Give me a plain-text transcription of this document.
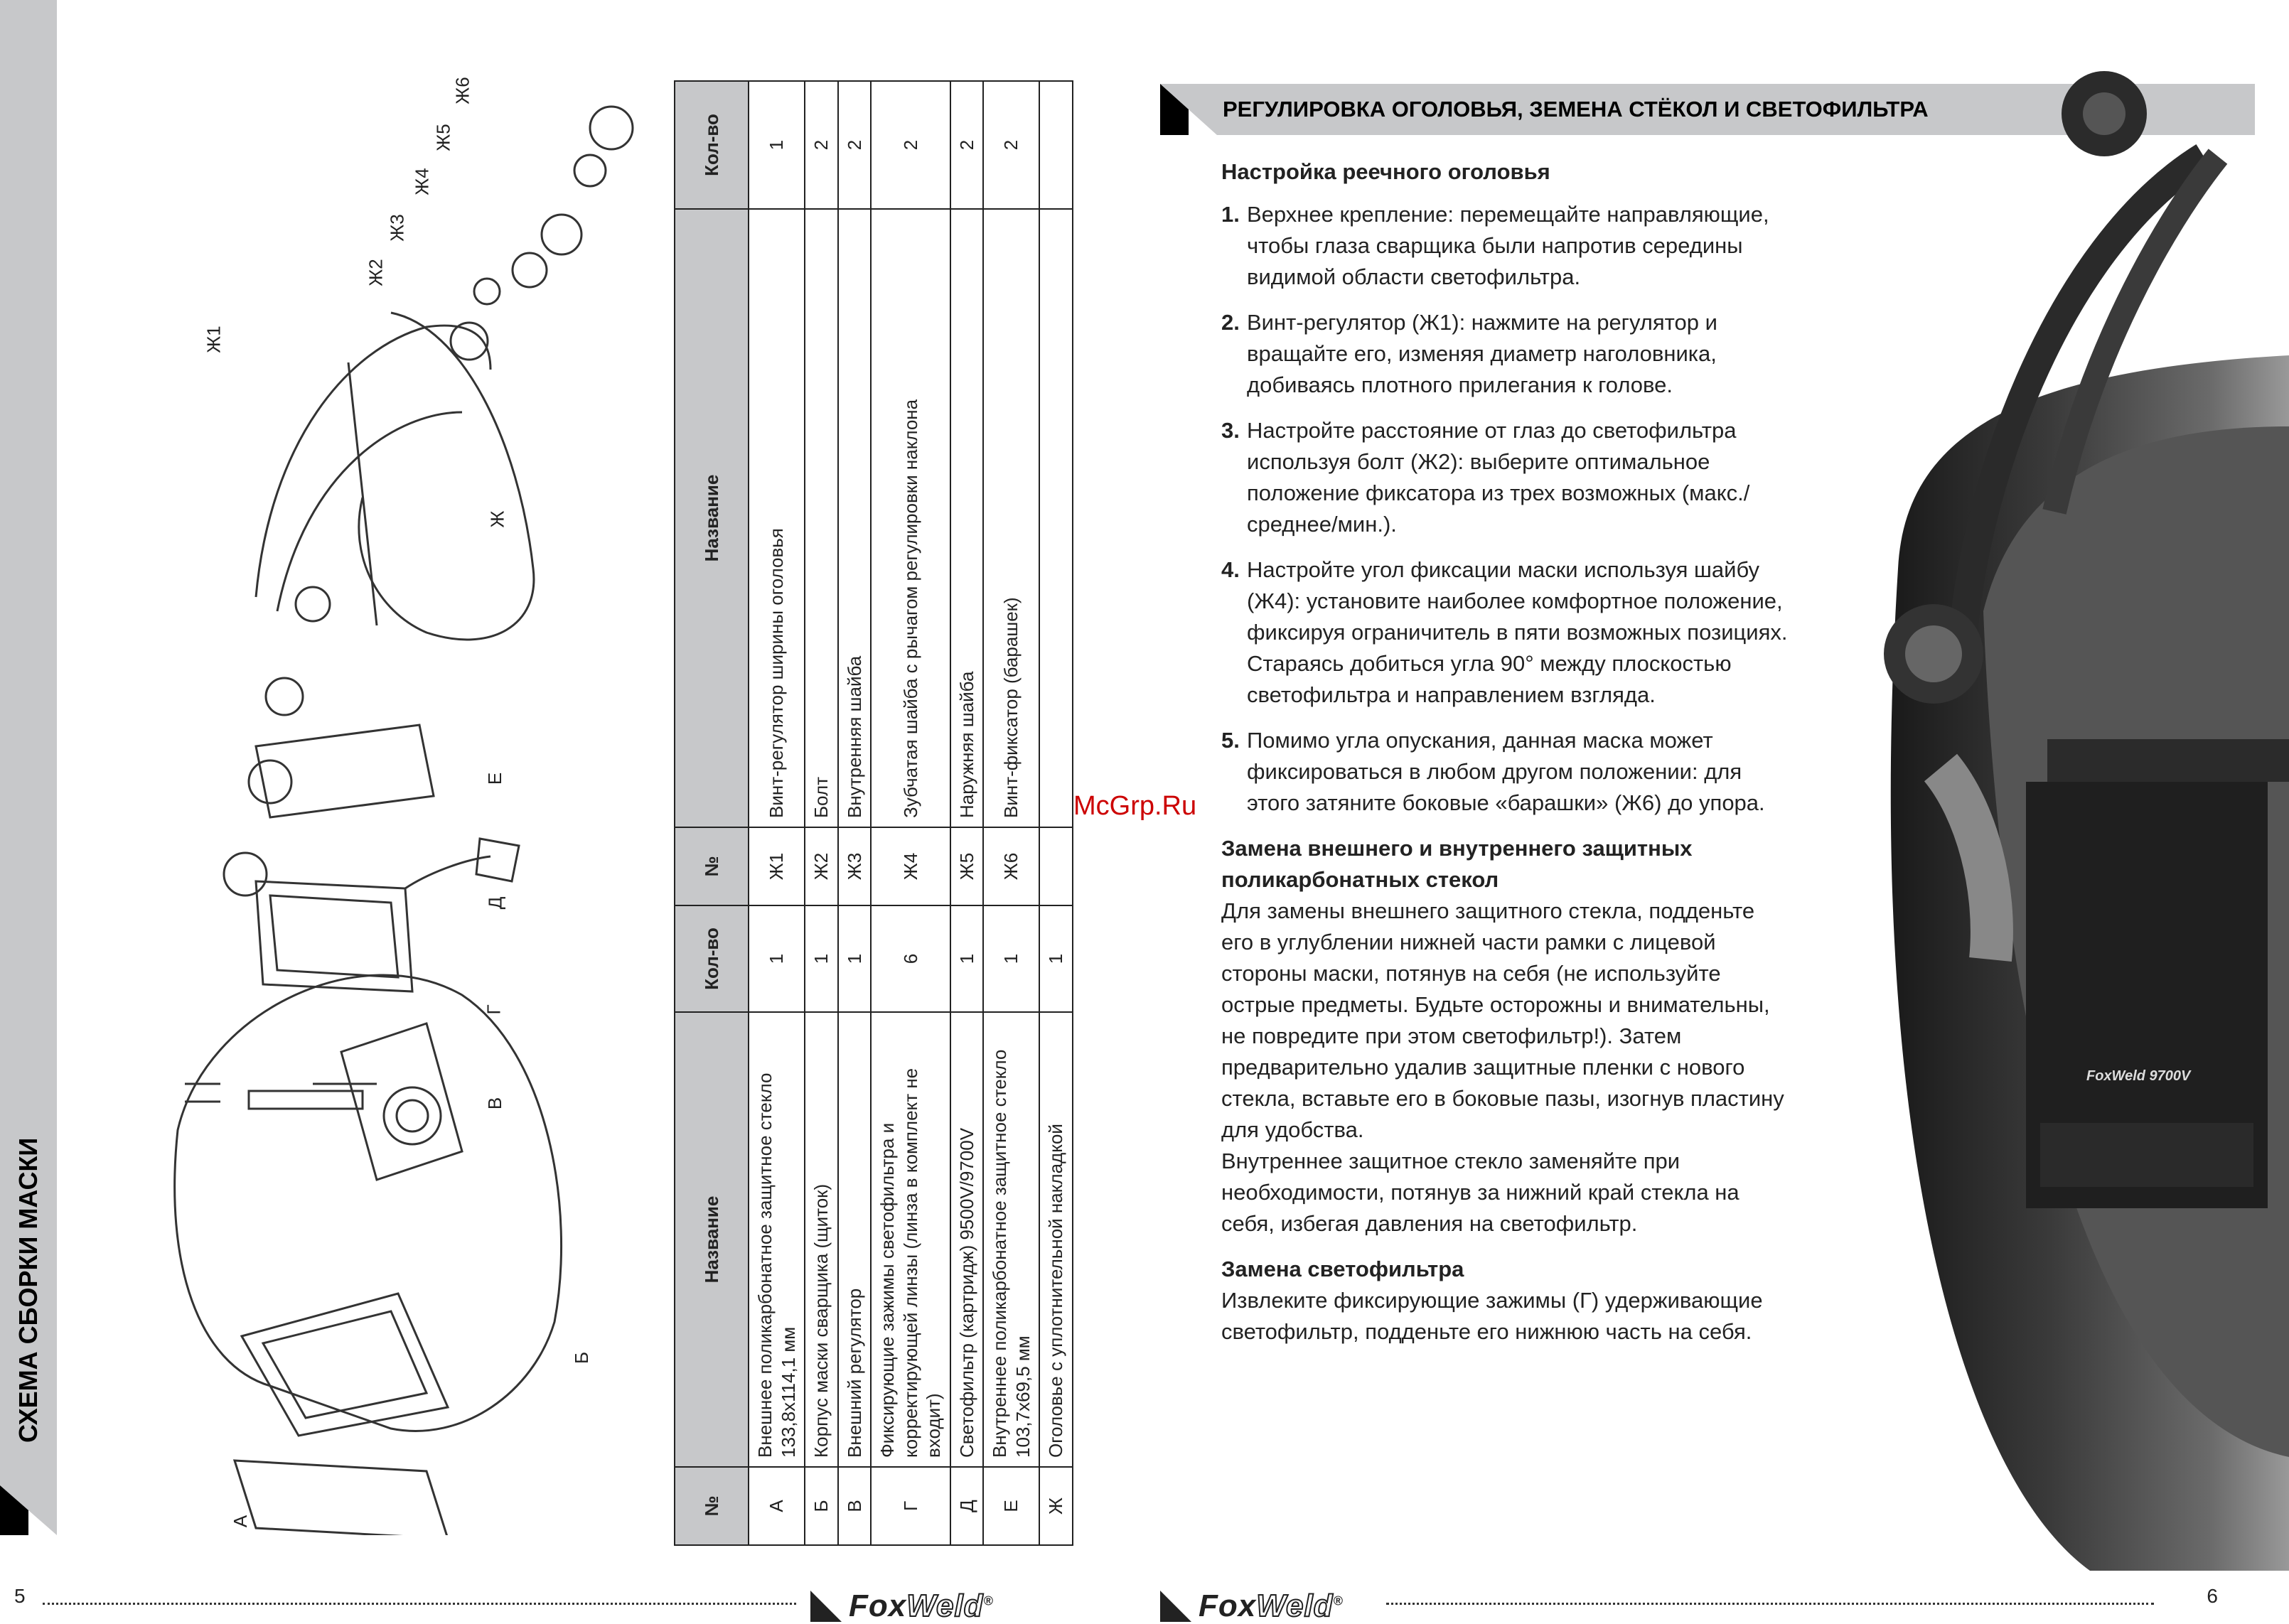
СХЕМА СБОРКИ МАСКИ
А
Б
В
Г
Д
Е
Ж
Ж1
Ж2
Ж3
Ж4
Ж5
Ж6
№	Название	Кол-во	№	Название	Кол-во
А	Внешнее поликарбонатное защитное стекло 133,8x114,1 мм	1	Ж1	Винт-регулятор ширины оголовья	1
Б	Корпус маски сварщика (щиток)	1	Ж2	Болт	2
В	Внешний регулятор	1	Ж3	Внутренняя шайба	2
Г	Фиксирующие зажимы светофильтра и корректирующей линзы (линза в комплект не входит)	6	Ж4	Зубчатая шайба с рычагом регулировки наклона	2
Д	Светофильтр (картридж) 9500V/9700V	1	Ж5	Наружняя шайба	2
Е	Внутреннее поликарбонатное защитное стекло 103,7x69,5 мм	1	Ж6	Винт-фиксатор (барашек)	2
Ж	Оголовье с уплотнительной накладкой	1			
5	FoxWeld®
РЕГУЛИРОВКА ОГОЛОВЬЯ, ЗЕМЕНА СТЁКОЛ И СВЕТОФИЛЬТРА
Настройка реечного оголовья
1. Верхнее крепление: перемещайте направляющие, чтобы глаза сварщика были напротив середины видимой области светофильтра.
2. Винт-регулятор (Ж1): нажмите на регулятор и вращайте его, изменяя диаметр наголовника, добиваясь плотного прилегания к голове.
3. Настройте расстояние от глаз до светофильтра используя болт (Ж2): выберите оптимальное положение фиксатора из трех возможных (макс./среднее/мин.).
4. Настройте угол фиксации маски используя шайбу (Ж4): установите наиболее комфортное положение, фиксируя ограничитель в пяти возможных позициях. Стараясь добиться угла 90° между плоскостью светофильтра и направлением взгляда.
5. Помимо угла опускания, данная маска может фиксироваться в любом другом положении: для этого затяните боковые «барашки» (Ж6) до упора.
Замена внешнего и внутреннего защитных поликарбонатных стекол

Для замены внешнего защитного стекла, подденьте его в углублении нижней части рамки с лицевой стороны маски, потянув на себя (не используйте острые предметы. Будьте осторожны и внимательны, не повредите при этом светофильтр!). Затем предварительно удалив защитные пленки с нового стекла, вставьте его в боковые пазы, изогнув пластину для удобства.

Внутреннее защитное стекло заменяйте при необходимости, потянув за нижний край стекла на себя, избегая давления на светофильтр.

Замена светофильтра

Извлеките фиксирующие зажимы (Г) удерживающие светофильтр, подденьте его нижнюю часть на себя.

McGrp.Ru
FoxWeld 9700V
FoxWeld®	6
